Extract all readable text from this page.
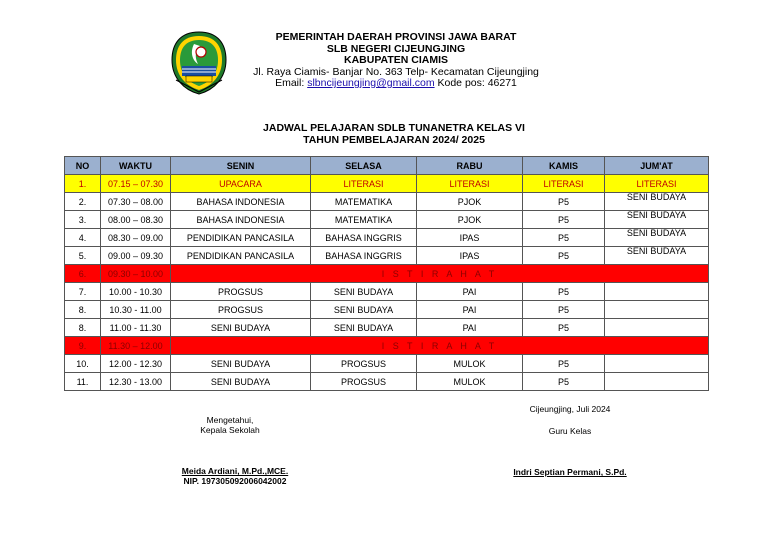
PEMERINTAH DAERAH PROVINSI JAWA BARAT
SLB NEGERI CIJEUNGJING
KABUPATEN CIAMIS
Jl. Raya Ciamis- Banjar No. 363 Telp- Kecamatan Cijeungjing
Email: slbncijeungjing@gmail.com Kode pos: 46271
JADWAL PELAJARAN SDLB TUNANETRA KELAS VI
TAHUN PEMBELAJARAN 2024/ 2025
NO	WAKTU	SENIN	SELASA	RABU	KAMIS	JUM'AT
1.	07.15 – 07.30	UPACARA	LITERASI	LITERASI	LITERASI	LITERASI
2.	07.30 – 08.00	BAHASA INDONESIA	MATEMATIKA	PJOK	P5	SENI BUDAYA
3.	08.00 – 08.30	BAHASA INDONESIA	MATEMATIKA	PJOK	P5	SENI BUDAYA
4.	08.30 – 09.00	PENDIDIKAN PANCASILA	BAHASA INGGRIS	IPAS	P5	SENI BUDAYA
5.	09.00 – 09.30	PENDIDIKAN PANCASILA	BAHASA INGGRIS	IPAS	P5	SENI BUDAYA
6.	09.30 – 10.00	I S T I R A H A T				
7.	10.00 - 10.30	PROGSUS	SENI BUDAYA	PAI	P5	
8.	10.30 - 11.00	PROGSUS	SENI BUDAYA	PAI	P5	
8.	11.00 - 11.30	SENI BUDAYA	SENI BUDAYA	PAI	P5	
9.	11.30 – 12.00	I S T I R A H A T				
10.	12.00 - 12.30	SENI BUDAYA	PROGSUS	MULOK	P5	
11.	12.30 - 13.00	SENI BUDAYA	PROGSUS	MULOK	P5	
Mengetahui,
Kepala Sekolah
Meida Ardiani, M.Pd.,MCE.
NIP. 197305092006042002
Cijeungjing, Juli 2024
Guru Kelas
Indri Septian Permani, S.Pd.
